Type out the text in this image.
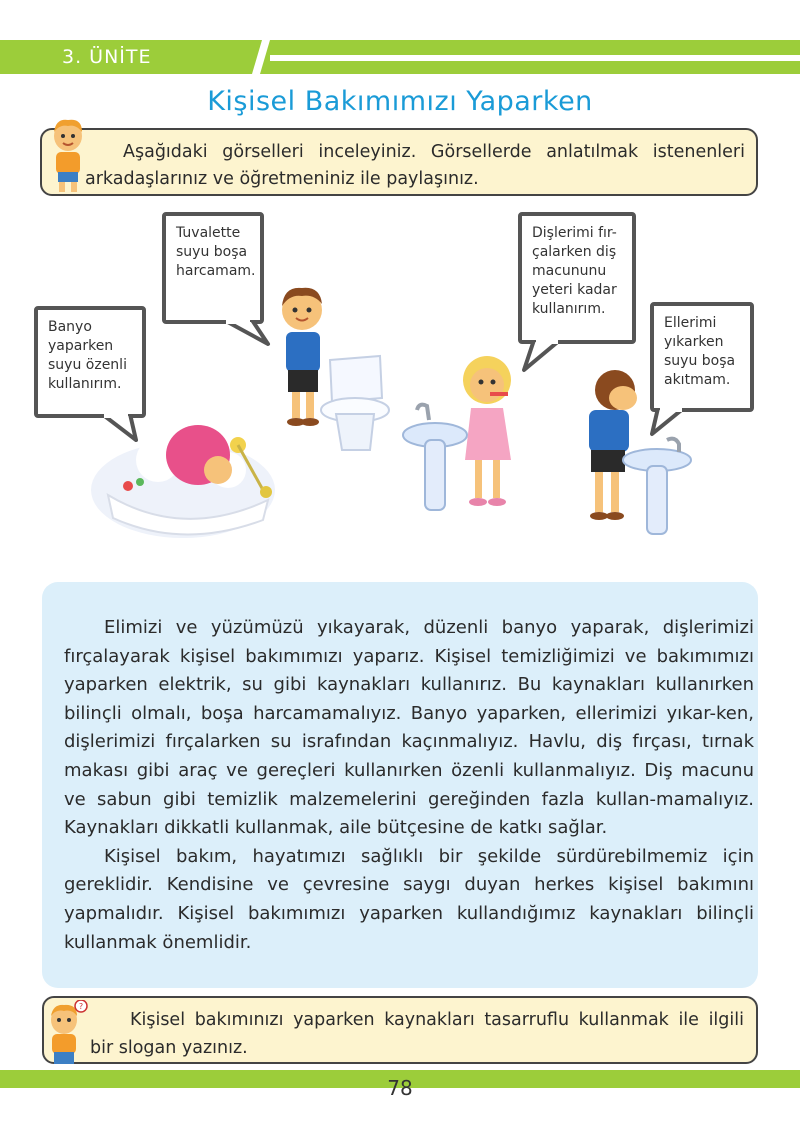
3. ÜNİTE
Kişisel Bakımımızı Yaparken
Aşağıdaki görselleri inceleyiniz. Görsellerde anlatılmak istenenleri arkadaşlarınız ve öğretmeniniz ile paylaşınız.
Banyo yaparken suyu özenli kullanırım.
Tuvalette suyu boşa harcamam.
Dişlerimi fır-çalarken diş macununu yeteri kadar kullanırım.
Ellerimi yıkarken suyu boşa akıtmam.

Elimizi ve yüzümüzü yıkayarak, düzenli banyo yaparak, dişlerimizi fırçalayarak kişisel bakımımızı yaparız. Kişisel temizliğimizi ve bakımımızı yaparken elektrik, su gibi kaynakları kullanırız. Bu kaynakları kullanırken bilinçli olmalı, boşa harcamamalıyız. Banyo yaparken, ellerimizi yıkar-ken, dişlerimizi fırçalarken su israfından kaçınmalıyız. Havlu, diş fırçası, tırnak makası gibi araç ve gereçleri kullanırken özenli kullanmalıyız. Diş macunu ve sabun gibi temizlik malzemelerini gereğinden fazla kullan-mamalıyız. Kaynakları dikkatli kullanmak, aile bütçesine de katkı sağlar.

Kişisel bakım, hayatımızı sağlıklı bir şekilde sürdürebilmemiz için gereklidir. Kendisine ve çevresine saygı duyan herkes kişisel bakımını yapmalıdır. Kişisel bakımımızı yaparken kullandığımız kaynakları bilinçli kullanmak önemlidir.

?
Kişisel bakımınızı yaparken kaynakları tasarruflu kullanmak ile ilgili bir slogan yazınız.
78
